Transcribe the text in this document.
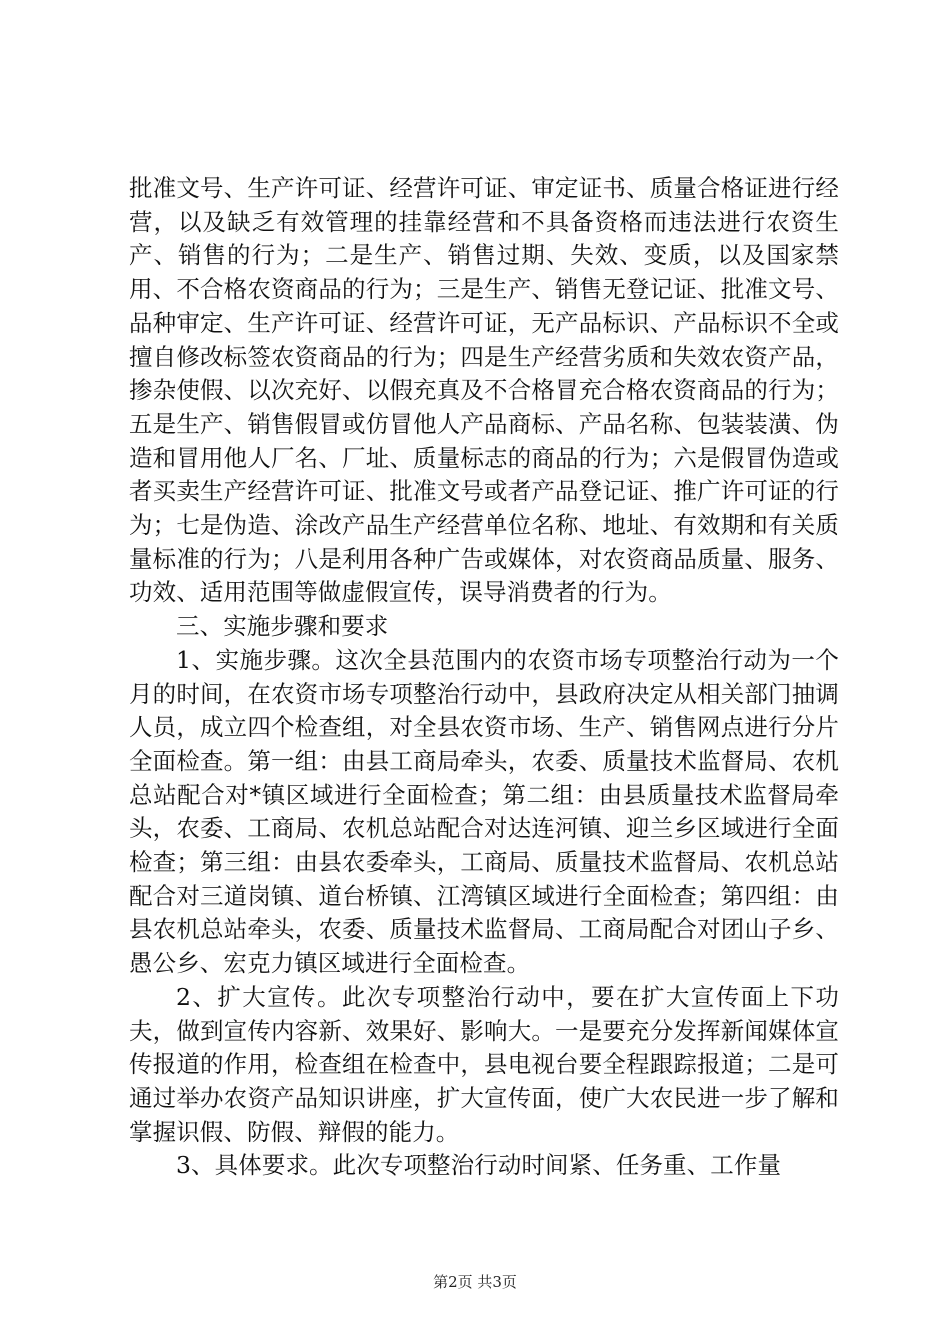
批准文号、生产许可证、经营许可证、审定证书、质量合格证进行经营，以及缺乏有效管理的挂靠经营和不具备资格而违法进行农资生产、销售的行为；二是生产、销售过期、失效、变质，以及国家禁用、不合格农资商品的行为；三是生产、销售无登记证、批准文号、品种审定、生产许可证、经营许可证，无产品标识、产品标识不全或擅自修改标签农资商品的行为；四是生产经营劣质和失效农资产品，掺杂使假、以次充好、以假充真及不合格冒充合格农资商品的行为；五是生产、销售假冒或仿冒他人产品商标、产品名称、包装装潢、伪造和冒用他人厂名、厂址、质量标志的商品的行为；六是假冒伪造或者买卖生产经营许可证、批准文号或者产品登记证、推广许可证的行为；七是伪造、涂改产品生产经营单位名称、地址、有效期和有关质量标准的行为；八是利用各种广告或媒体，对农资商品质量、服务、功效、适用范围等做虚假宣传，误导消费者的行为。

三、实施步骤和要求

1、实施步骤。这次全县范围内的农资市场专项整治行动为一个月的时间，在农资市场专项整治行动中，县政府决定从相关部门抽调人员，成立四个检查组，对全县农资市场、生产、销售网点进行分片全面检查。第一组：由县工商局牵头，农委、质量技术监督局、农机总站配合对*镇区域进行全面检查；第二组：由县质量技术监督局牵头，农委、工商局、农机总站配合对达连河镇、迎兰乡区域进行全面检查；第三组：由县农委牵头，工商局、质量技术监督局、农机总站配合对三道岗镇、道台桥镇、江湾镇区域进行全面检查；第四组：由县农机总站牵头，农委、质量技术监督局、工商局配合对团山子乡、愚公乡、宏克力镇区域进行全面检查。

2、扩大宣传。此次专项整治行动中，要在扩大宣传面上下功夫，做到宣传内容新、效果好、影响大。一是要充分发挥新闻媒体宣传报道的作用，检查组在检查中，县电视台要全程跟踪报道；二是可通过举办农资产品知识讲座，扩大宣传面，使广大农民进一步了解和掌握识假、防假、辩假的能力。

3、具体要求。此次专项整治行动时间紧、任务重、工作量

第2页 共3页
